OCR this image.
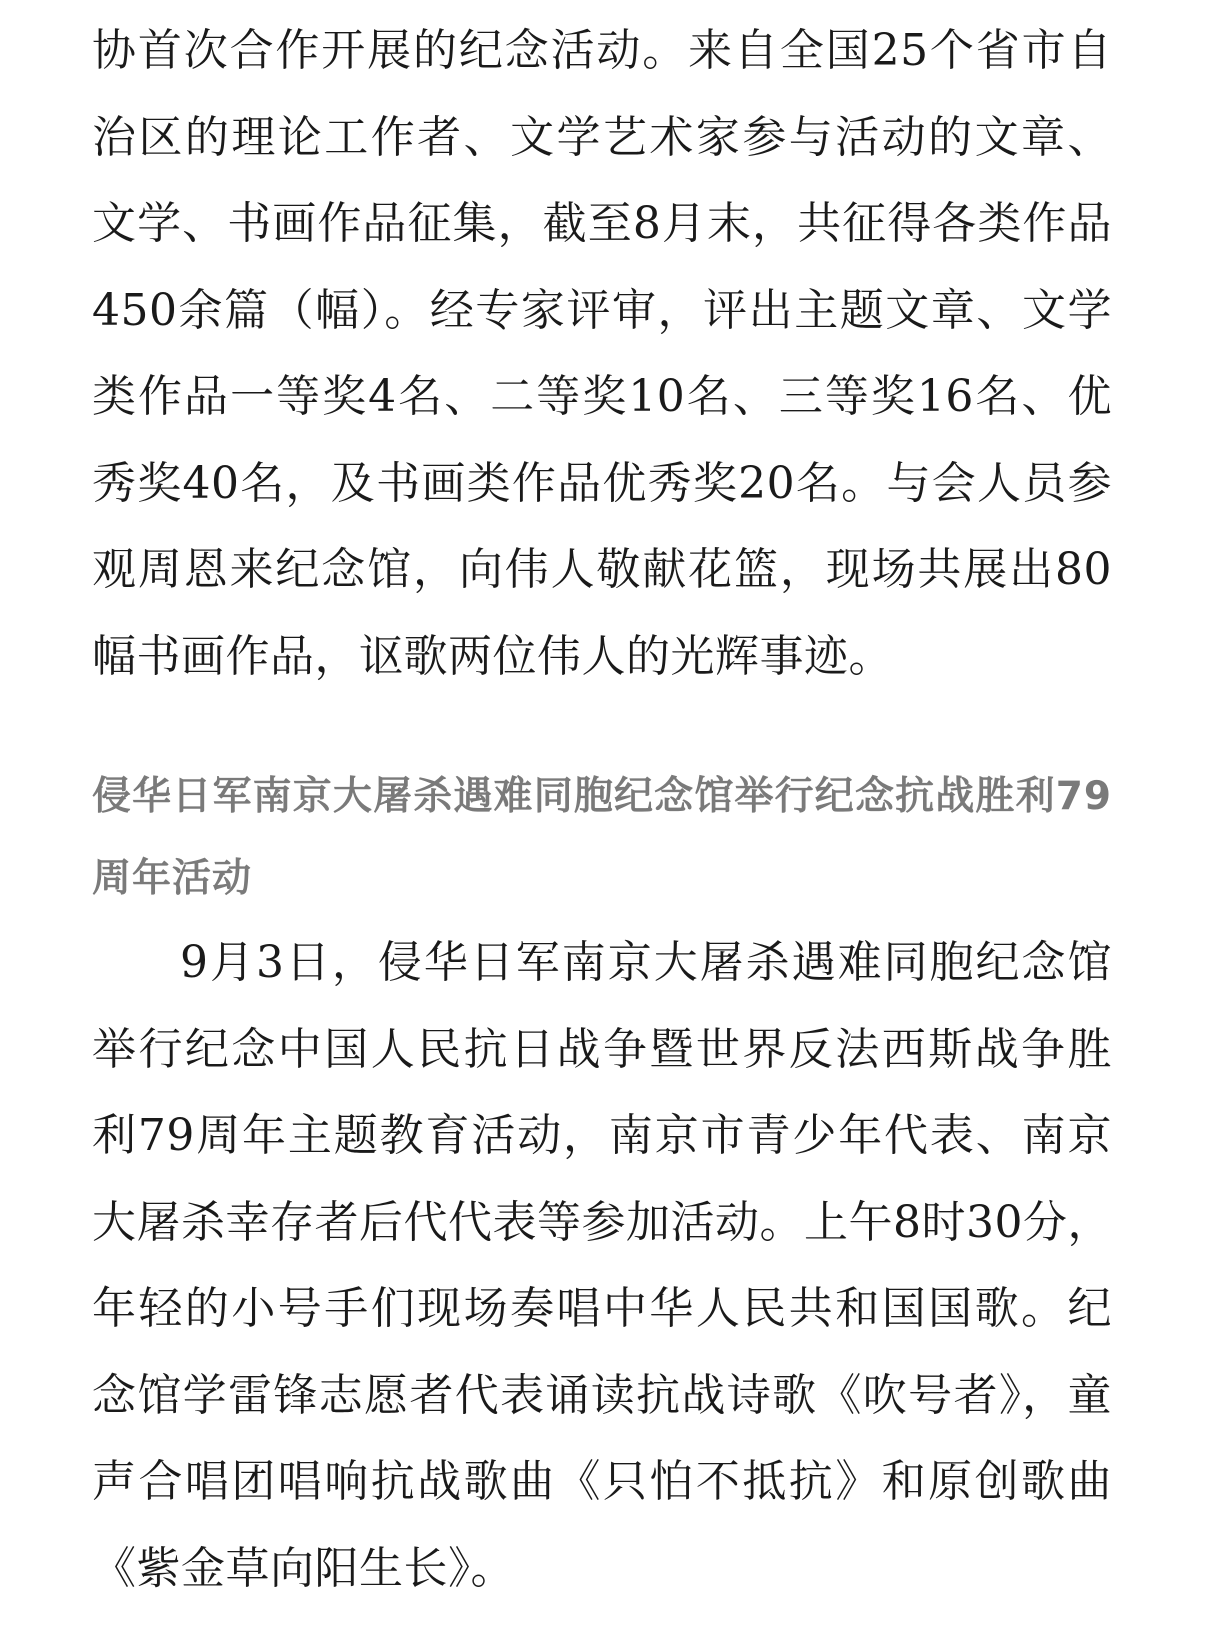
协首次合作开展的纪念活动。来自全国25个省市自治区的理论工作者、文学艺术家参与活动的文章、文学、书画作品征集，截至8月末，共征得各类作品450余篇（幅）。经专家评审，评出主题文章、文学类作品一等奖4名、二等奖10名、三等奖16名、优秀奖40名，及书画类作品优秀奖20名。与会人员参观周恩来纪念馆，向伟人敬献花篮，现场共展出80幅书画作品，讴歌两位伟人的光辉事迹。

侵华日军南京大屠杀遇难同胞纪念馆举行纪念抗战胜利79周年活动

9月3日，侵华日军南京大屠杀遇难同胞纪念馆举行纪念中国人民抗日战争暨世界反法西斯战争胜利79周年主题教育活动，南京市青少年代表、南京大屠杀幸存者后代代表等参加活动。上午8时30分，年轻的小号手们现场奏唱中华人民共和国国歌。纪念馆学雷锋志愿者代表诵读抗战诗歌《吹号者》，童声合唱团唱响抗战歌曲《只怕不抵抗》和原创歌曲《紫金草向阳生长》。
